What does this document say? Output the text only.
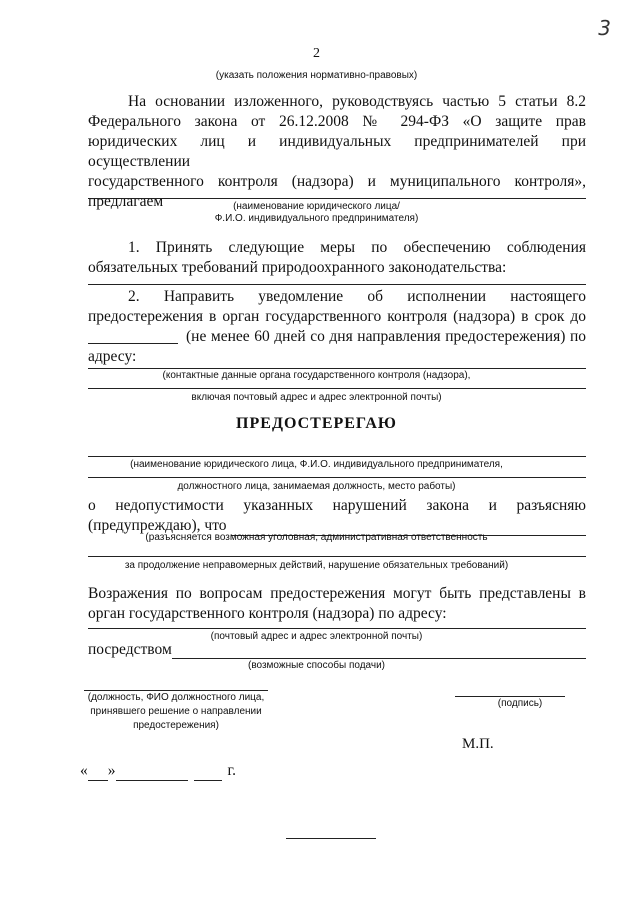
3
2
(указать положения нормативно-правовых)
На основании изложенного, руководствуясь частью 5 статьи 8.2
Федерального закона от 26.12.2008 № 294-ФЗ «О защите прав
юридических лиц и индивидуальных предпринимателей при осуществлении
государственного контроля (надзора) и муниципального контроля»,
предлагаем	(наименование юридического лица/
Ф.И.О. индивидуального предпринимателя)
1. Принять следующие меры по обеспечению соблюдения
обязательных требований природоохранного законодательства:
2. Направить уведомление об исполнении настоящего
предостережения в орган государственного контроля (надзора) в срок до
(не менее 60 дней со дня направления предостережения) по
адресу:
(контактные данные органа государственного контроля (надзора),
включая почтовый адрес и адрес электронной почты)
ПРЕДОСТЕРЕГАЮ
(наименование юридического лица, Ф.И.О. индивидуального предпринимателя,
должностного лица, занимаемая должность, место работы)
о недопустимости указанных нарушений закона и разъясняю
(предупреждаю), что
(разъясняется возможная уголовная, административная ответственность
за продолжение неправомерных действий, нарушение обязательных требований)
Возражения по вопросам предостережения могут быть представлены в
орган государственного контроля (надзора) по адресу:
(почтовый адрес и адрес электронной почты)
посредством
(возможные способы подачи)
(должность, ФИО должностного лица,
принявшего решение о направлении
предостережения)
(подпись)
М.П.
« »	г.
